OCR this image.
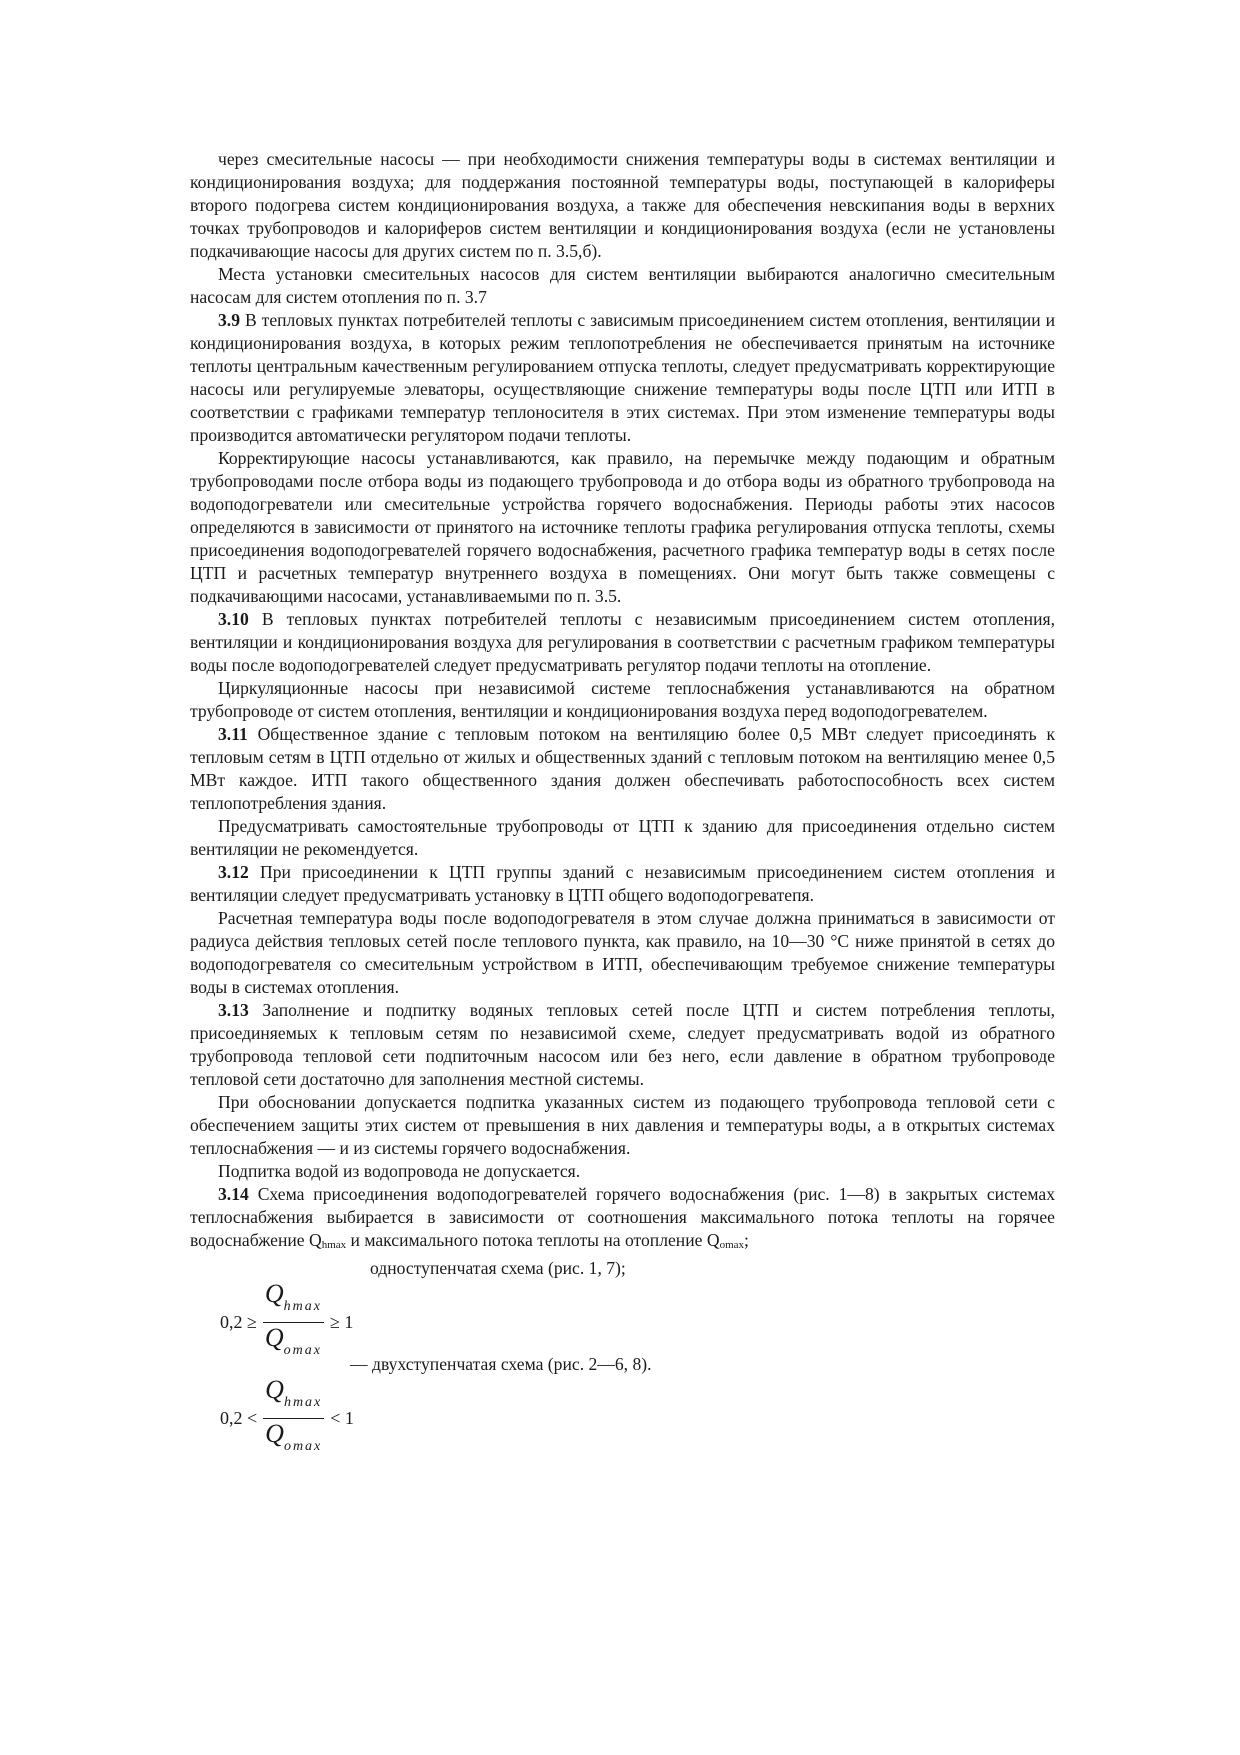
через смесительные насосы — при необходимости снижения температуры воды в системах вентиляции и кондиционирования воздуха; для поддержания постоянной температуры воды, поступающей в калориферы второго подогрева систем кондиционирования воздуха, а также для обеспечения невскипания воды в верхних точках трубопроводов и калориферов систем вентиляции и кондиционирования воздуха (если не установлены подкачивающие насосы для других систем по п. 3.5,б).

Места установки смесительных насосов для систем вентиляции выбираются аналогично смесительным насосам для систем отопления по п. 3.7

3.9 В тепловых пунктах потребителей теплоты с зависимым присоединением систем отопления, вентиляции и кондиционирования воздуха, в которых режим теплопотребления не обеспечивается принятым на источнике теплоты центральным качественным регулированием отпуска теплоты, следует предусматривать корректирующие насосы или регулируемые элеваторы, осуществляющие снижение температуры воды после ЦТП или ИТП в соответствии с графиками температур теплоносителя в этих системах. При этом изменение температуры воды производится автоматически регулятором подачи теплоты.

Корректирующие насосы устанавливаются, как правило, на перемычке между подающим и обратным трубопроводами после отбора воды из подающего трубопровода и до отбора воды из обратного трубопровода на водоподогреватели или смесительные устройства горячего водоснабжения. Периоды работы этих насосов определяются в зависимости от принятого на источнике теплоты графика регулирования отпуска теплоты, схемы присоединения водоподогревателей горячего водоснабжения, расчетного графика температур воды в сетях после ЦТП и расчетных температур внутреннего воздуха в помещениях. Они могут быть также совмещены с подкачивающими насосами, устанавливаемыми по п. 3.5.

3.10 В тепловых пунктах потребителей теплоты с независимым присоединением систем отопления, вентиляции и кондиционирования воздуха для регулирования в соответствии с расчетным графиком температуры воды после водоподогревателей следует предусматривать регулятор подачи теплоты на отопление.

Циркуляционные насосы при независимой системе теплоснабжения устанавливаются на обратном трубопроводе от систем отопления, вентиляции и кондиционирования воздуха перед водоподогревателем.

3.11 Общественное здание с тепловым потоком на вентиляцию более 0,5 МВт следует присоединять к тепловым сетям в ЦТП отдельно от жилых и общественных зданий с тепловым потоком на вентиляцию менее 0,5 МВт каждое. ИТП такого общественного здания должен обеспечивать работоспособность всех систем теплопотребления здания.

Предусматривать самостоятельные трубопроводы от ЦТП к зданию для присоединения отдельно систем вентиляции не рекомендуется.

3.12 При присоединении к ЦТП группы зданий с независимым присоединением систем отопления и вентиляции следует предусматривать установку в ЦТП общего водоподогреватепя.

Расчетная температура воды после водоподогревателя в этом случае должна приниматься в зависимости от радиуса действия тепловых сетей после теплового пункта, как правило, на 10—30 °С ниже принятой в сетях до водоподогревателя со смесительным устройством в ИТП, обеспечивающим требуемое снижение температуры воды в системах отопления.

3.13 Заполнение и подпитку водяных тепловых сетей после ЦТП и систем потребления теплоты, присоединяемых к тепловым сетям по независимой схеме, следует предусматривать водой из обратного трубопровода тепловой сети подпиточным насосом или без него, если давление в обратном трубопроводе тепловой сети достаточно для заполнения местной системы.

При обосновании допускается подпитка указанных систем из подающего трубопровода тепловой сети с обеспечением защиты этих систем от превышения в них давления и температуры воды, а в открытых системах теплоснабжения — и из системы горячего водоснабжения.

Подпитка водой из водопровода не допускается.

3.14 Схема присоединения водоподогревателей горячего водоснабжения (рис. 1—8) в закрытых системах теплоснабжения выбирается в зависимости от соотношения максимального потока теплоты на горячее водоснабжение Qhmax и максимального потока теплоты на отопление Qomax;

одноступенчатая схема (рис. 1, 7);
$0,2 \ge \frac{Q_{hmax}}{Q_{omax}} \ge 1$
— двухступенчатая схема (рис. 2—6, 8).
$0,2 < \frac{Q_{hmax}}{Q_{omax}} < 1$
